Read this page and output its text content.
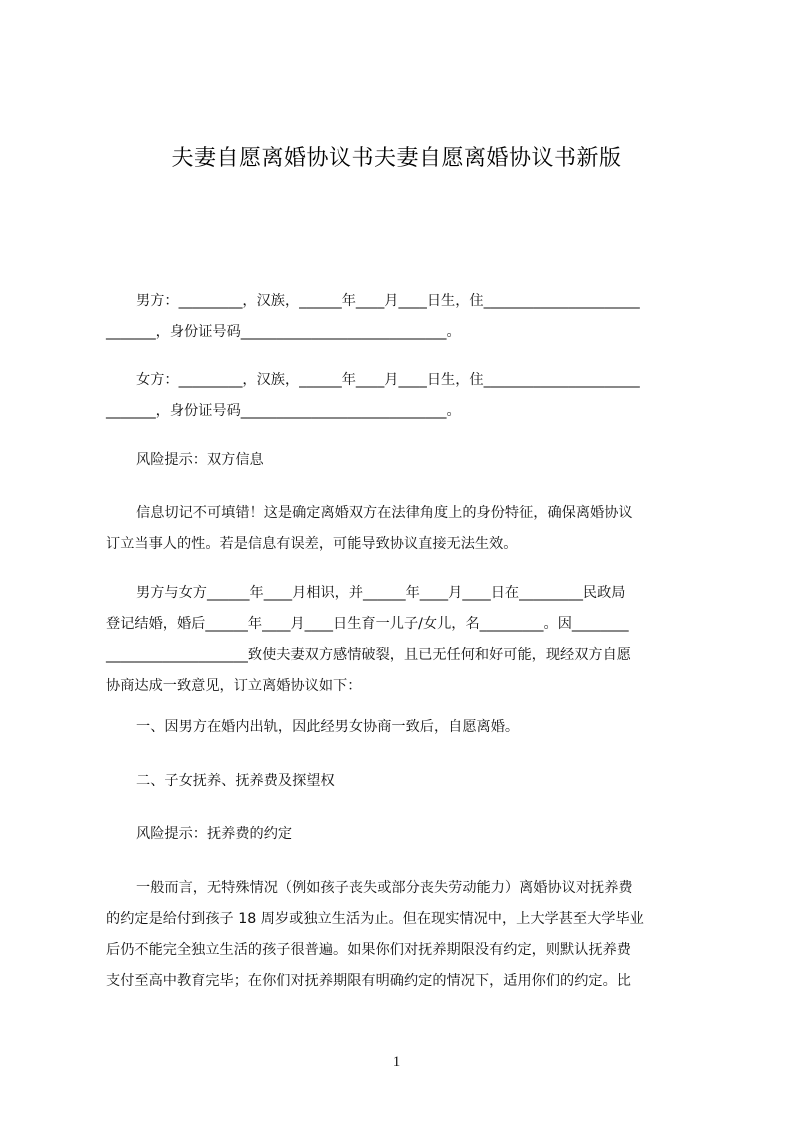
夫妻自愿离婚协议书夫妻自愿离婚协议书新版
男方：_________，汉族，______年____月____日生，住______________________
_______，身份证号码_____________________________。
女方：_________，汉族，______年____月____日生，住______________________
_______，身份证号码_____________________________。
风险提示：双方信息
信息切记不可填错！这是确定离婚双方在法律角度上的身份特征，确保离婚协议
订立当事人的性。若是信息有误差，可能导致协议直接无法生效。
男方与女方______年____月相识，并______年____月____日在_________民政局
登记结婚，婚后______年____月____日生育一儿子/女儿，名_________。因________
____________________致使夫妻双方感情破裂，且已无任何和好可能，现经双方自愿
协商达成一致意见，订立离婚协议如下：
一、因男方在婚内出轨，因此经男女协商一致后，自愿离婚。
二、子女抚养、抚养费及探望权
风险提示：抚养费的约定
一般而言，无特殊情况（例如孩子丧失或部分丧失劳动能力）离婚协议对抚养费
的约定是给付到孩子 18 周岁或独立生活为止。但在现实情况中，上大学甚至大学毕业
后仍不能完全独立生活的孩子很普遍。如果你们对抚养期限没有约定，则默认抚养费
支付至高中教育完毕；在你们对抚养期限有明确约定的情况下，适用你们的约定。比
1
